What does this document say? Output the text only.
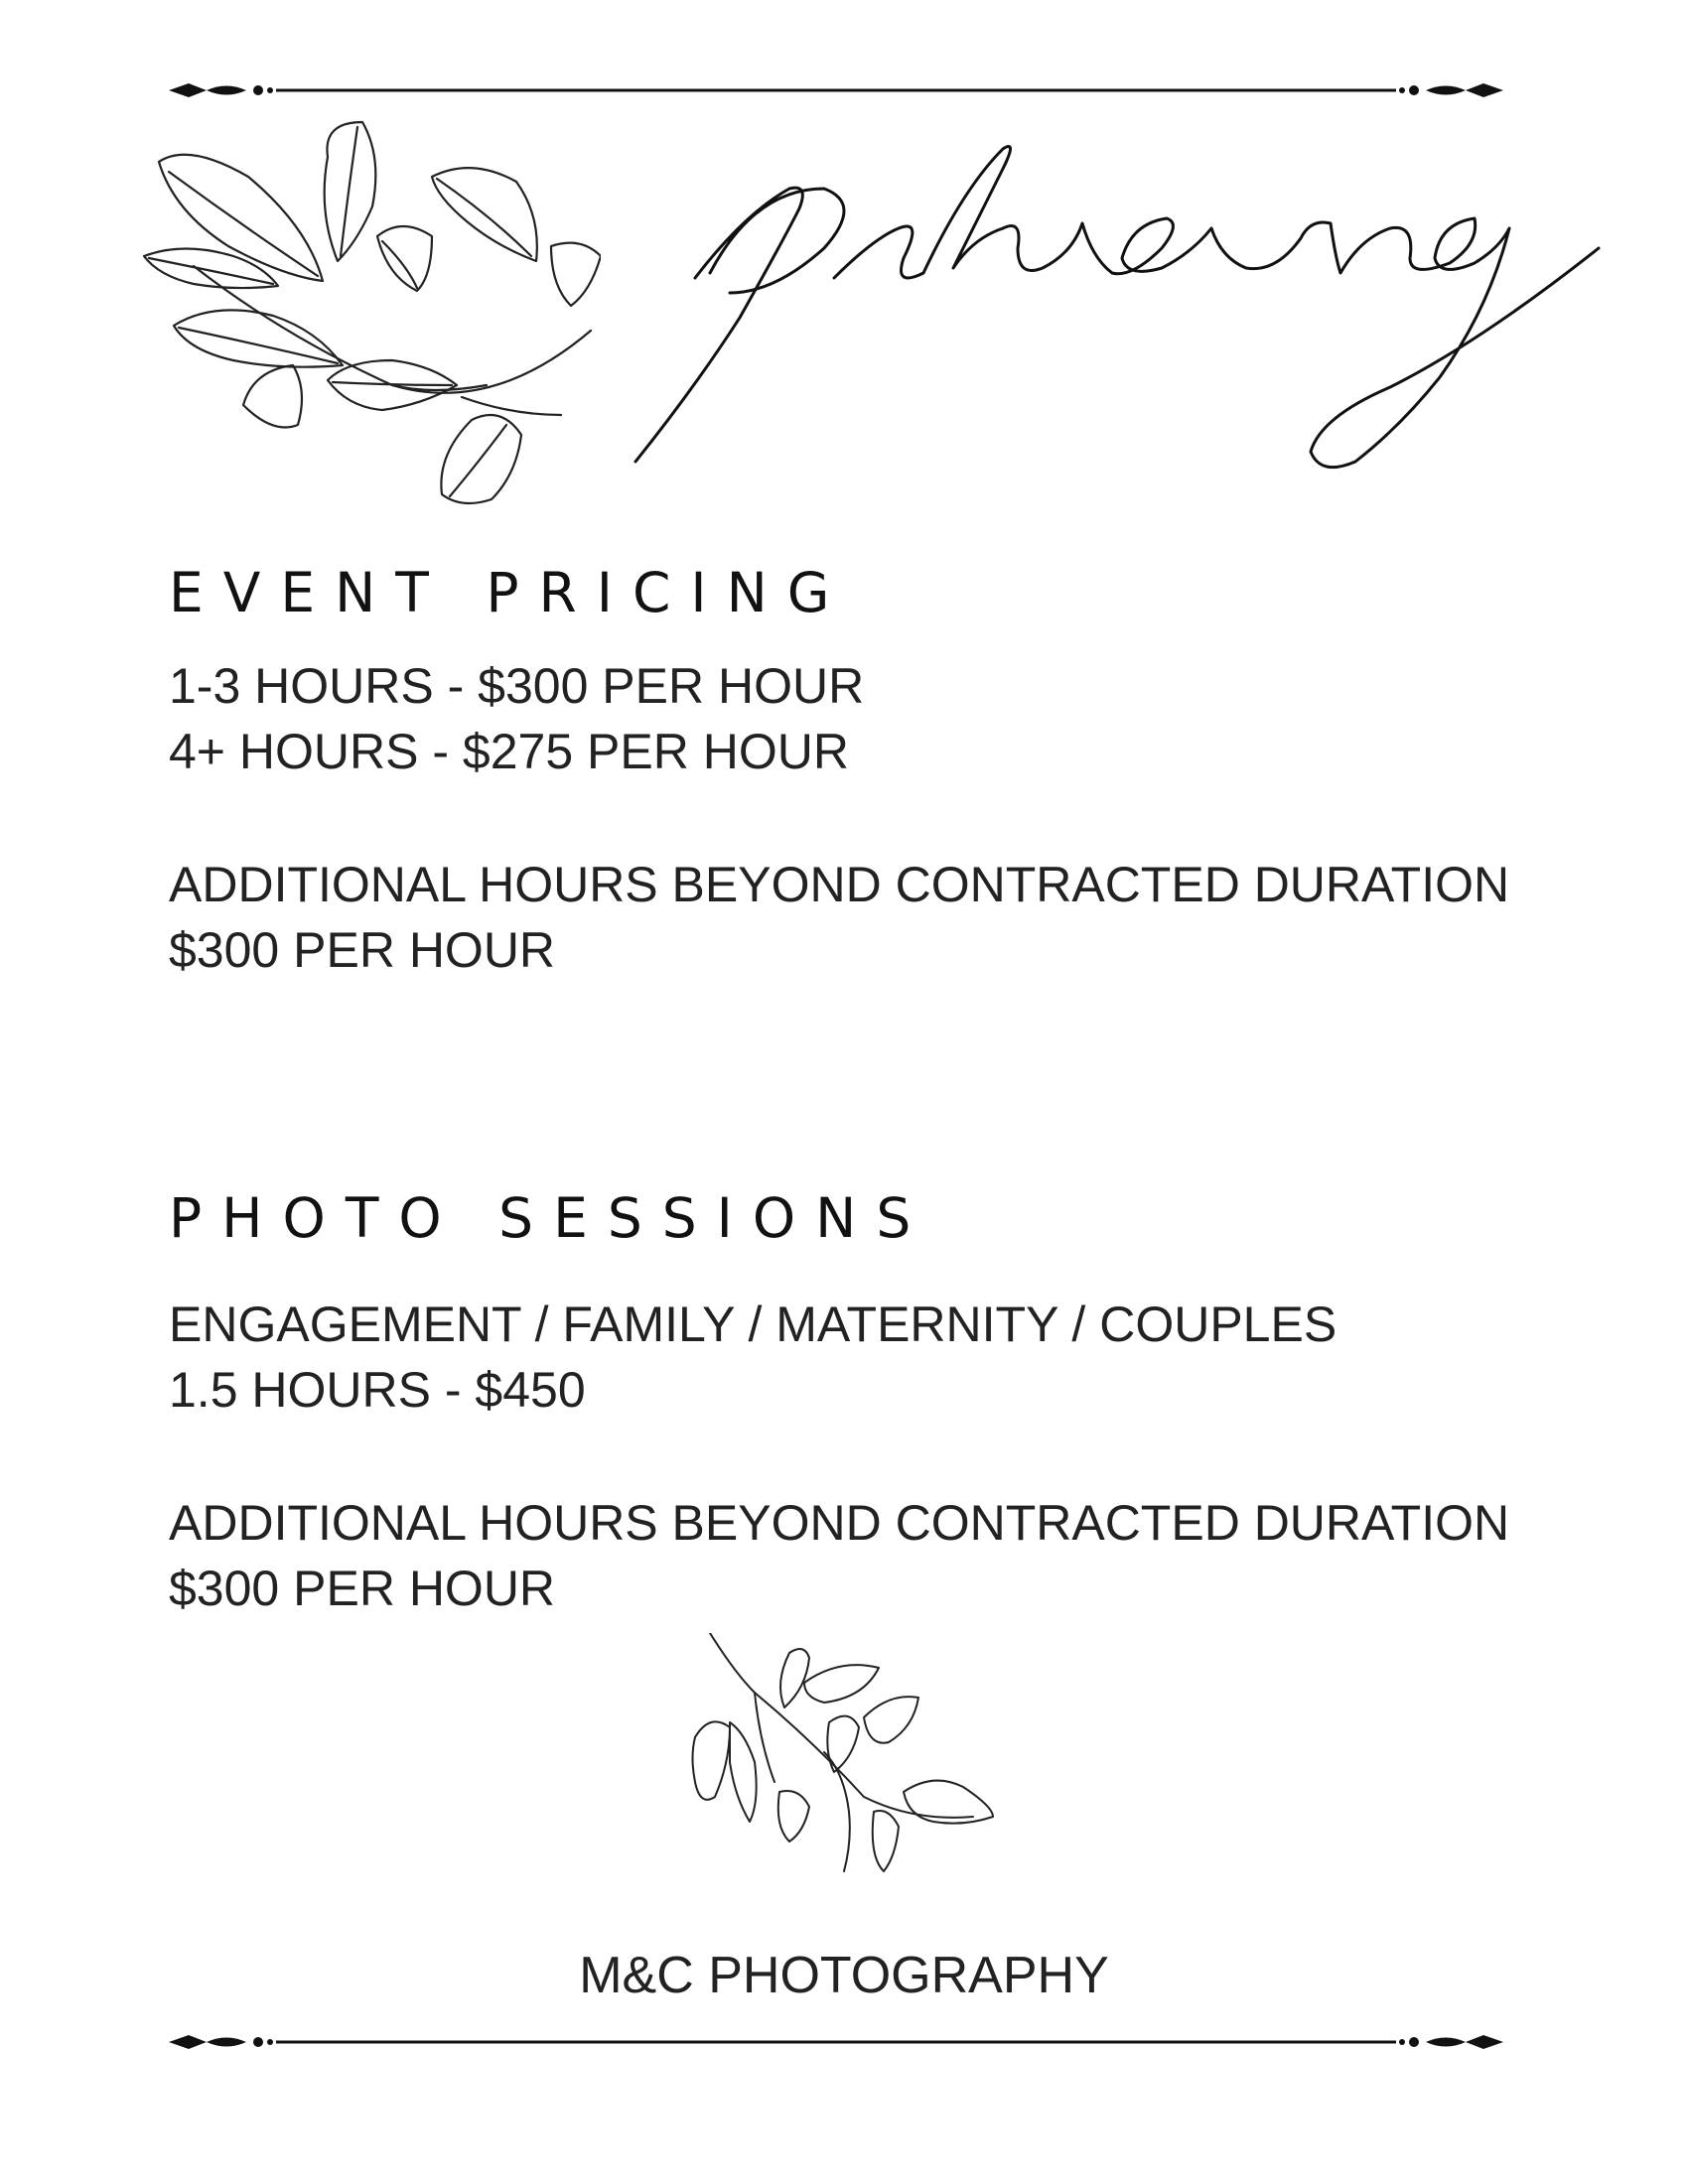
pricing
EVENT PRICING

1-3 HOURS - $300 PER HOUR

4+ HOURS - $275 PER HOUR

ADDITIONAL HOURS BEYOND CONTRACTED DURATION

$300 PER HOUR

PHOTO SESSIONS

ENGAGEMENT / FAMILY / MATERNITY / COUPLES

1.5 HOURS - $450

ADDITIONAL HOURS BEYOND CONTRACTED DURATION

$300 PER HOUR

M&C PHOTOGRAPHY
